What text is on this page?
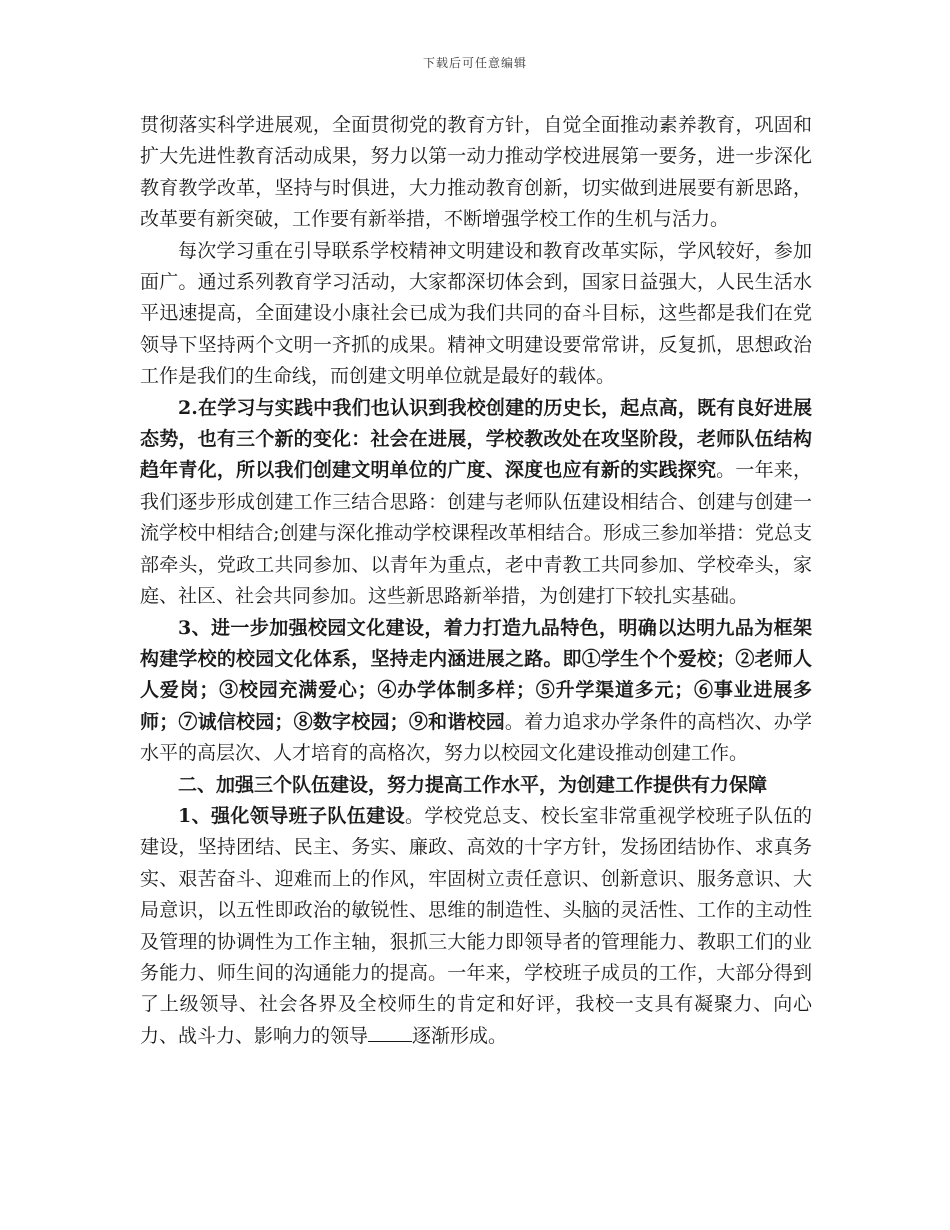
下载后可任意编辑

贯彻落实科学进展观，全面贯彻党的教育方针，自觉全面推动素养教育，巩固和扩大先进性教育活动成果，努力以第一动力推动学校进展第一要务，进一步深化教育教学改革，坚持与时俱进，大力推动教育创新，切实做到进展要有新思路，改革要有新突破，工作要有新举措，不断增强学校工作的生机与活力。

每次学习重在引导联系学校精神文明建设和教育改革实际，学风较好，参加面广。通过系列教育学习活动，大家都深切体会到，国家日益强大，人民生活水平迅速提高，全面建设小康社会已成为我们共同的奋斗目标，这些都是我们在党领导下坚持两个文明一齐抓的成果。精神文明建设要常常讲，反复抓，思想政治工作是我们的生命线，而创建文明单位就是最好的载体。

2.在学习与实践中我们也认识到我校创建的历史长，起点高，既有良好进展态势，也有三个新的变化：社会在进展，学校教改处在攻坚阶段，老师队伍结构趋年青化，所以我们创建文明单位的广度、深度也应有新的实践探究。一年来，我们逐步形成创建工作三结合思路：创建与老师队伍建设相结合、创建与创建一流学校中相结合;创建与深化推动学校课程改革相结合。形成三参加举措：党总支部牵头，党政工共同参加、以青年为重点，老中青教工共同参加、学校牵头，家庭、社区、社会共同参加。这些新思路新举措，为创建打下较扎实基础。

3、进一步加强校园文化建设，着力打造九品特色，明确以达明九品为框架构建学校的校园文化体系，坚持走内涵进展之路。即①学生个个爱校；②老师人人爱岗；③校园充满爱心；④办学体制多样；⑤升学渠道多元；⑥事业进展多师；⑦诚信校园；⑧数字校园；⑨和谐校园。着力追求办学条件的高档次、办学水平的高层次、人才培育的高格次，努力以校园文化建设推动创建工作。

二、加强三个队伍建设，努力提高工作水平，为创建工作提供有力保障

1、强化领导班子队伍建设。学校党总支、校长室非常重视学校班子队伍的建设，坚持团结、民主、务实、廉政、高效的十字方针，发扬团结协作、求真务实、艰苦奋斗、迎难而上的作风，牢固树立责任意识、创新意识、服务意识、大局意识，以五性即政治的敏锐性、思维的制造性、头脑的灵活性、工作的主动性及管理的协调性为工作主轴，狠抓三大能力即领导者的管理能力、教职工们的业务能力、师生间的沟通能力的提高。一年来，学校班子成员的工作，大部分得到了上级领导、社会各界及全校师生的肯定和好评，我校一支具有凝聚力、向心力、战斗力、影响力的领导 逐渐形成。
